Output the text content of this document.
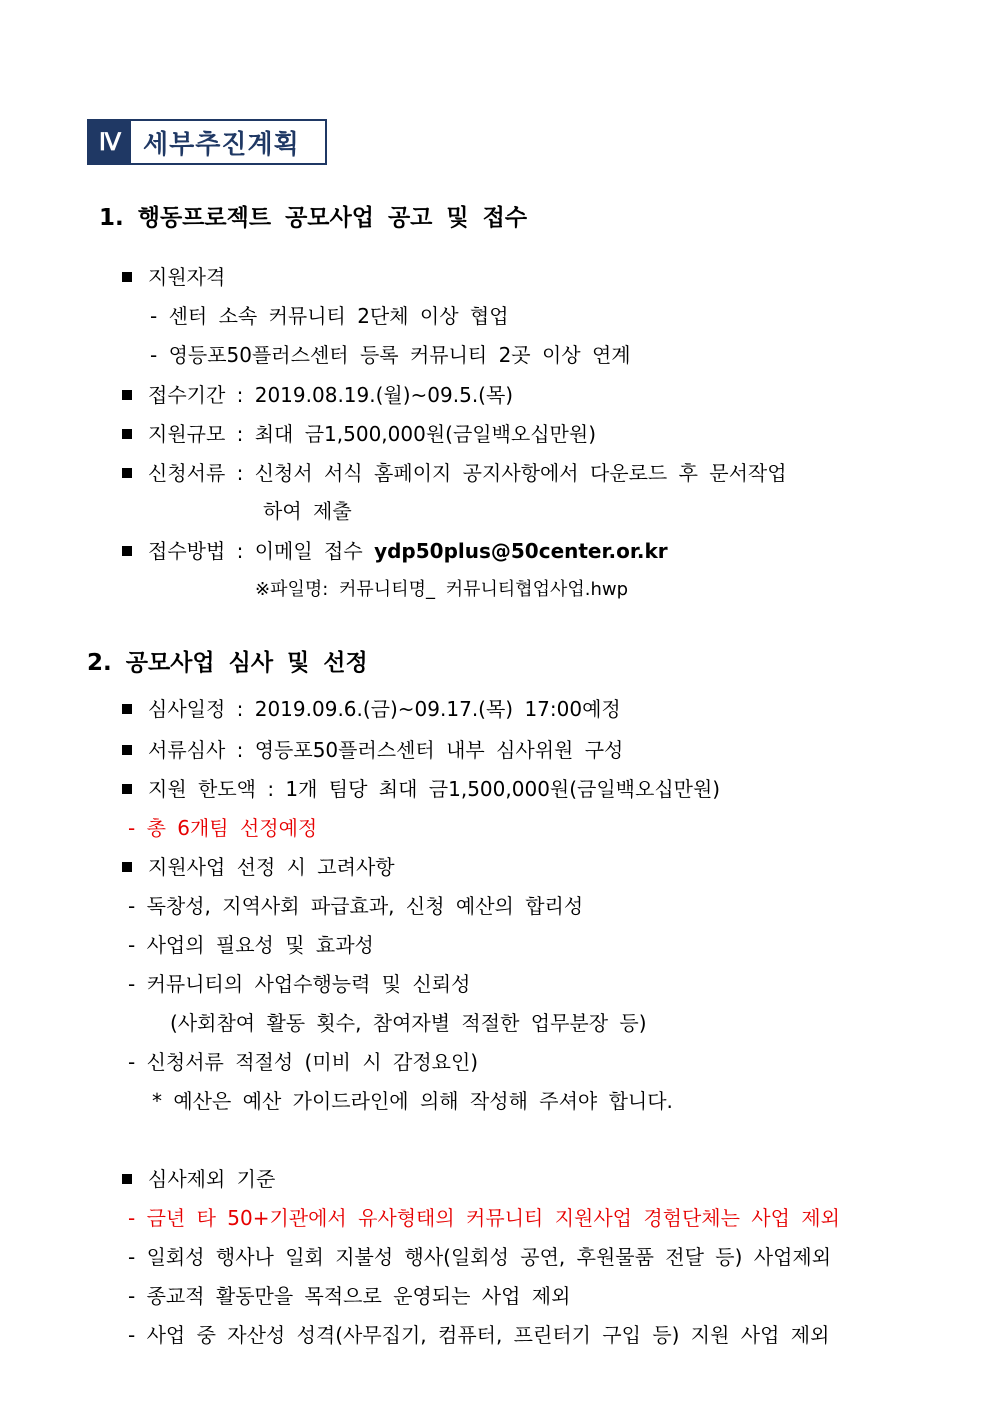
Ⅳ 세부추진계획
1. 행동프로젝트 공모사업 공고 및 접수
지원자격
- 센터 소속 커뮤니티 2단체 이상 협업
- 영등포50플러스센터 등록 커뮤니티 2곳 이상 연계
접수기간 : 2019.08.19.(월)~09.5.(목)
지원규모 : 최대 금1,500,000원(금일백오십만원)
신청서류 : 신청서 서식 홈페이지 공지사항에서 다운로드 후 문서작업
하여 제출
접수방법 : 이메일 접수 ydp50plus@50center.or.kr
※파일명: 커뮤니티명_ 커뮤니티협업사업.hwp
2. 공모사업 심사 및 선정
심사일정 : 2019.09.6.(금)~09.17.(목) 17:00예정
서류심사 : 영등포50플러스센터 내부 심사위원 구성
지원 한도액 : 1개 팀당 최대 금1,500,000원(금일백오십만원)
- 총 6개팀 선정예정
지원사업 선정 시 고려사항
- 독창성, 지역사회 파급효과, 신청 예산의 합리성
- 사업의 필요성 및 효과성
- 커뮤니티의 사업수행능력 및 신뢰성
(사회참여 활동 횟수, 참여자별 적절한 업무분장 등)
- 신청서류 적절성 (미비 시 감정요인)
* 예산은 예산 가이드라인에 의해 작성해 주셔야 합니다.
심사제외 기준
- 금년 타 50+기관에서 유사형태의 커뮤니티 지원사업 경험단체는 사업 제외
- 일회성 행사나 일회 지불성 행사(일회성 공연, 후원물품 전달 등) 사업제외
- 종교적 활동만을 목적으로 운영되는 사업 제외
- 사업 중 자산성 성격(사무집기, 컴퓨터, 프린터기 구입 등) 지원 사업 제외
